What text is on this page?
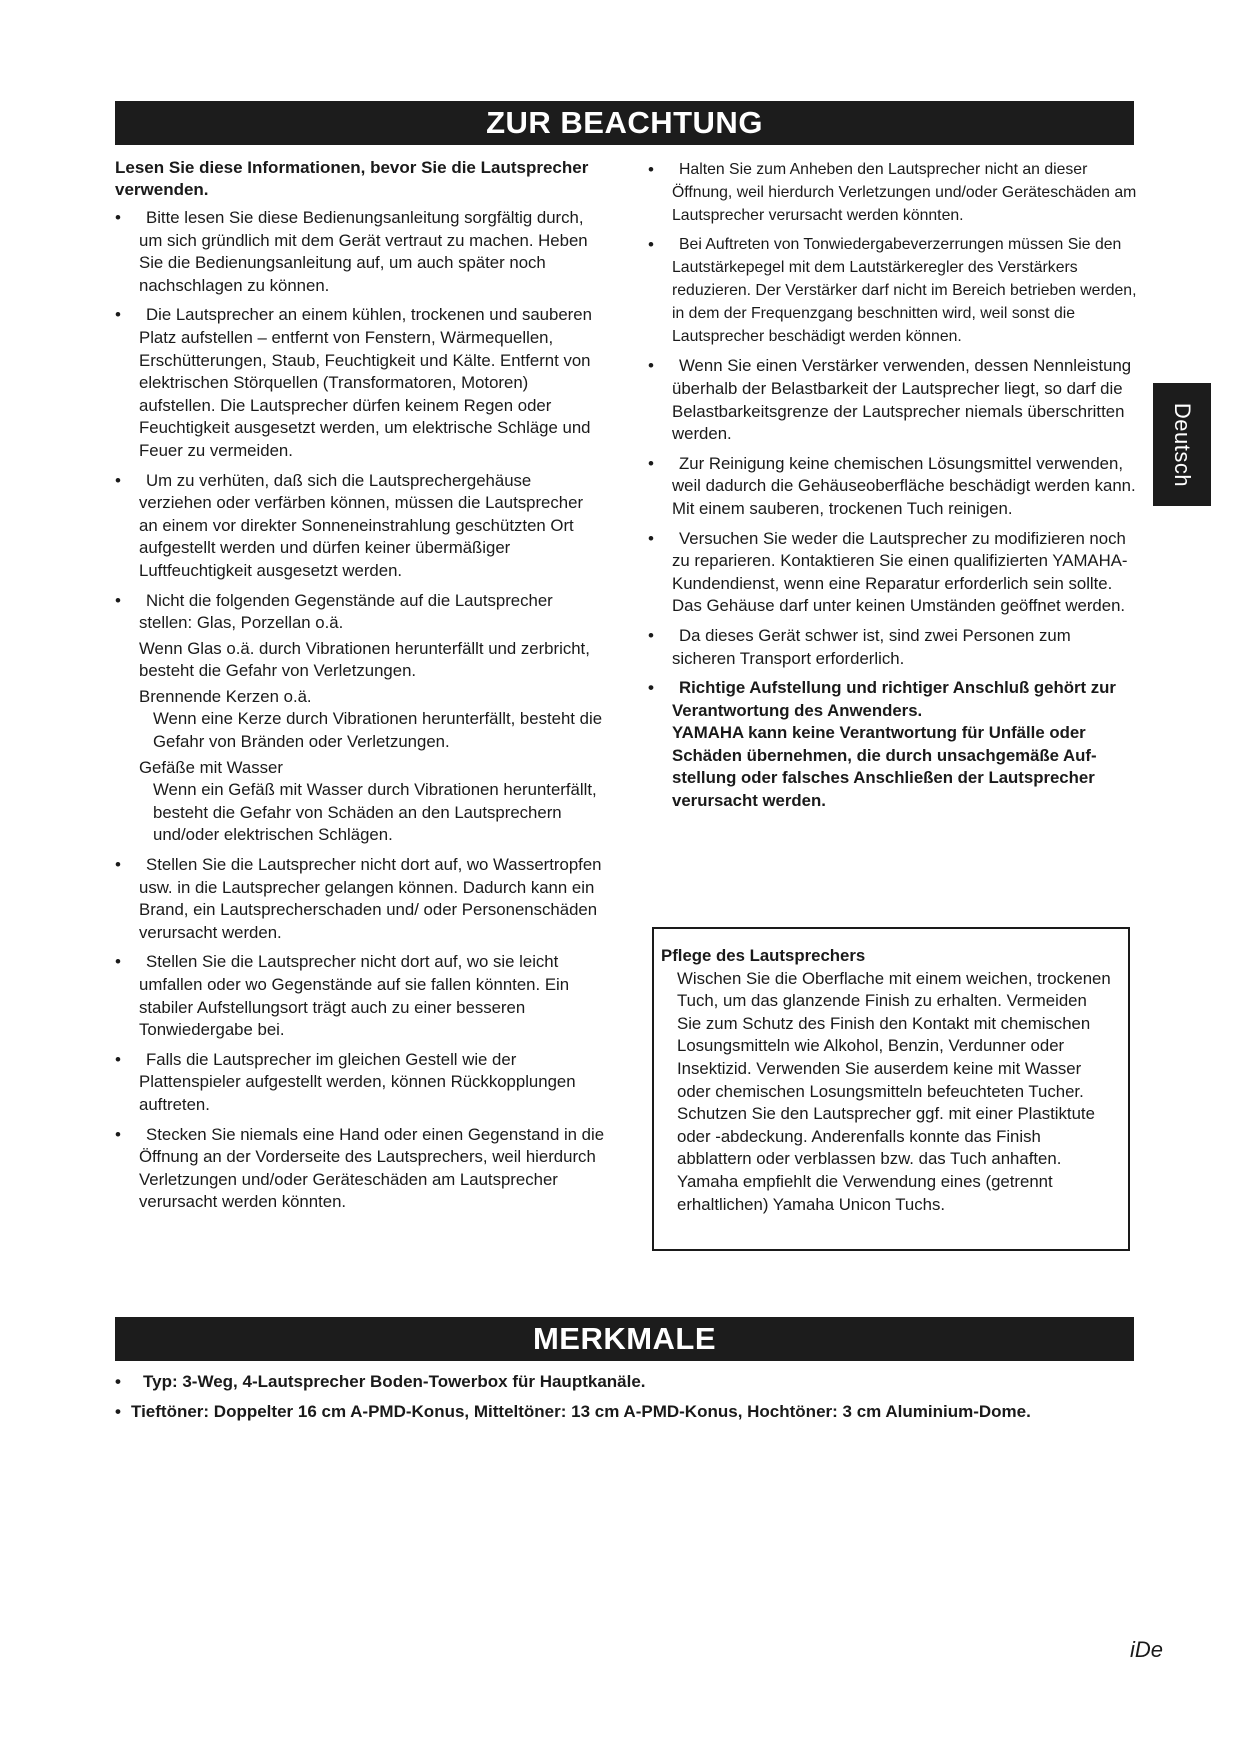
ZUR BEACHTUNG

Lesen Sie diese Informationen, bevor Sie die Lautsprecher verwenden.

• Bitte lesen Sie diese Bedienungsanleitung sorgfältig durch, um sich gründlich mit dem Gerät vertraut zu machen. Heben Sie die Bedienungsanleitung auf, um auch später noch nachschlagen zu können.
• Die Lautsprecher an einem kühlen, trockenen und sauberen Platz aufstellen – entfernt von Fenstern, Wärmequellen, Erschütterungen, Staub, Feuchtigkeit und Kälte. Entfernt von elektrischen Störquellen (Transformatoren, Motoren) aufstellen. Die Lautsprecher dürfen keinem Regen oder Feuchtigkeit ausgesetzt werden, um elektrische Schläge und Feuer zu vermeiden.
• Um zu verhüten, daß sich die Lautsprechergehäuse verziehen oder verfärben können, müssen die Lautsprecher an einem vor direkter Sonneneinstrahlung geschützten Ort aufgestellt werden und dürfen keiner übermäßiger Luftfeuchtigkeit ausgesetzt werden.
• Nicht die folgenden Gegenstände auf die Lautsprecher stellen: Glas, Porzellan o.ä.
Wenn Glas o.ä. durch Vibrationen herunterfällt und zerbricht, besteht die Gefahr von Verletzungen.
Brennende Kerzen o.ä.
Wenn eine Kerze durch Vibrationen herunterfällt, besteht die Gefahr von Bränden oder Verletzungen.
Gefäße mit Wasser
Wenn ein Gefäß mit Wasser durch Vibrationen herunterfällt, besteht die Gefahr von Schäden an den Lautsprechern und/oder elektrischen Schlägen.
• Stellen Sie die Lautsprecher nicht dort auf, wo Wassertropfen usw. in die Lautsprecher gelangen können. Dadurch kann ein Brand, ein Lautsprecherschaden und/ oder Personenschäden verursacht werden.
• Stellen Sie die Lautsprecher nicht dort auf, wo sie leicht umfallen oder wo Gegenstände auf sie fallen könnten. Ein stabiler Aufstellungsort trägt auch zu einer besseren Tonwiedergabe bei.
• Falls die Lautsprecher im gleichen Gestell wie der Plattenspieler aufgestellt werden, können Rückkopplungen auftreten.
• Stecken Sie niemals eine Hand oder einen Gegenstand in die Öffnung an der Vorderseite des Lautsprechers, weil hierdurch Verletzungen und/oder Geräteschäden am Lautsprecher verursacht werden könnten.
• Halten Sie zum Anheben den Lautsprecher nicht an dieser Öffnung, weil hierdurch Verletzungen und/oder Geräteschäden am Lautsprecher verursacht werden könnten.
• Bei Auftreten von Tonwiedergabeverzerrungen müssen Sie den Lautstärkepegel mit dem Lautstärkeregler des Verstärkers reduzieren. Der Verstärker darf nicht im Bereich betrieben werden, in dem der Frequenzgang beschnitten wird, weil sonst die Lautsprecher beschädigt werden können.
• Wenn Sie einen Verstärker verwenden, dessen Nennleistung überhalb der Belastbarkeit der Lautsprecher liegt, so darf die Belastbarkeitsgrenze der Lautsprecher niemals überschritten werden.
• Zur Reinigung keine chemischen Lösungsmittel verwenden, weil dadurch die Gehäuseoberfläche beschädigt werden kann. Mit einem sauberen, trockenen Tuch reinigen.
• Versuchen Sie weder die Lautsprecher zu modifizieren noch zu reparieren. Kontaktieren Sie einen qualifizierten YAMAHA-Kundendienst, wenn eine Reparatur erforderlich sein sollte. Das Gehäuse darf unter keinen Umständen geöffnet werden.
• Da dieses Gerät schwer ist, sind zwei Personen zum sicheren Transport erforderlich.
• Richtige Aufstellung und richtiger Anschluß gehört zur Verantwortung des Anwenders.
YAMAHA kann keine Verantwortung für Unfälle oder Schäden übernehmen, die durch unsachgemäße Auf-stellung oder falsches Anschließen der Lautsprecher verursacht werden.
Pflege des Lautsprechers
Wischen Sie die Oberflache mit einem weichen, trockenen Tuch, um das glanzende Finish zu erhalten. Vermeiden Sie zum Schutz des Finish den Kontakt mit chemischen Losungsmitteln wie Alkohol, Benzin, Verdunner oder Insektizid. Verwenden Sie auserdem keine mit Wasser oder chemischen Losungsmitteln befeuchteten Tucher. Schutzen Sie den Lautsprecher ggf. mit einer Plastiktute oder -abdeckung. Anderenfalls konnte das Finish abblattern oder verblassen bzw. das Tuch anhaften. Yamaha empfiehlt die Verwendung eines (getrennt erhaltlichen) Yamaha Unicon Tuchs.
MERKMALE
• Typ: 3-Weg, 4-Lautsprecher Boden-Towerbox für Hauptkanäle.
• Tieftöner: Doppelter 16 cm A-PMD-Konus, Mitteltöner: 13 cm A-PMD-Konus, Hochtöner: 3 cm Aluminium-Dome.
Deutsch
iDe
